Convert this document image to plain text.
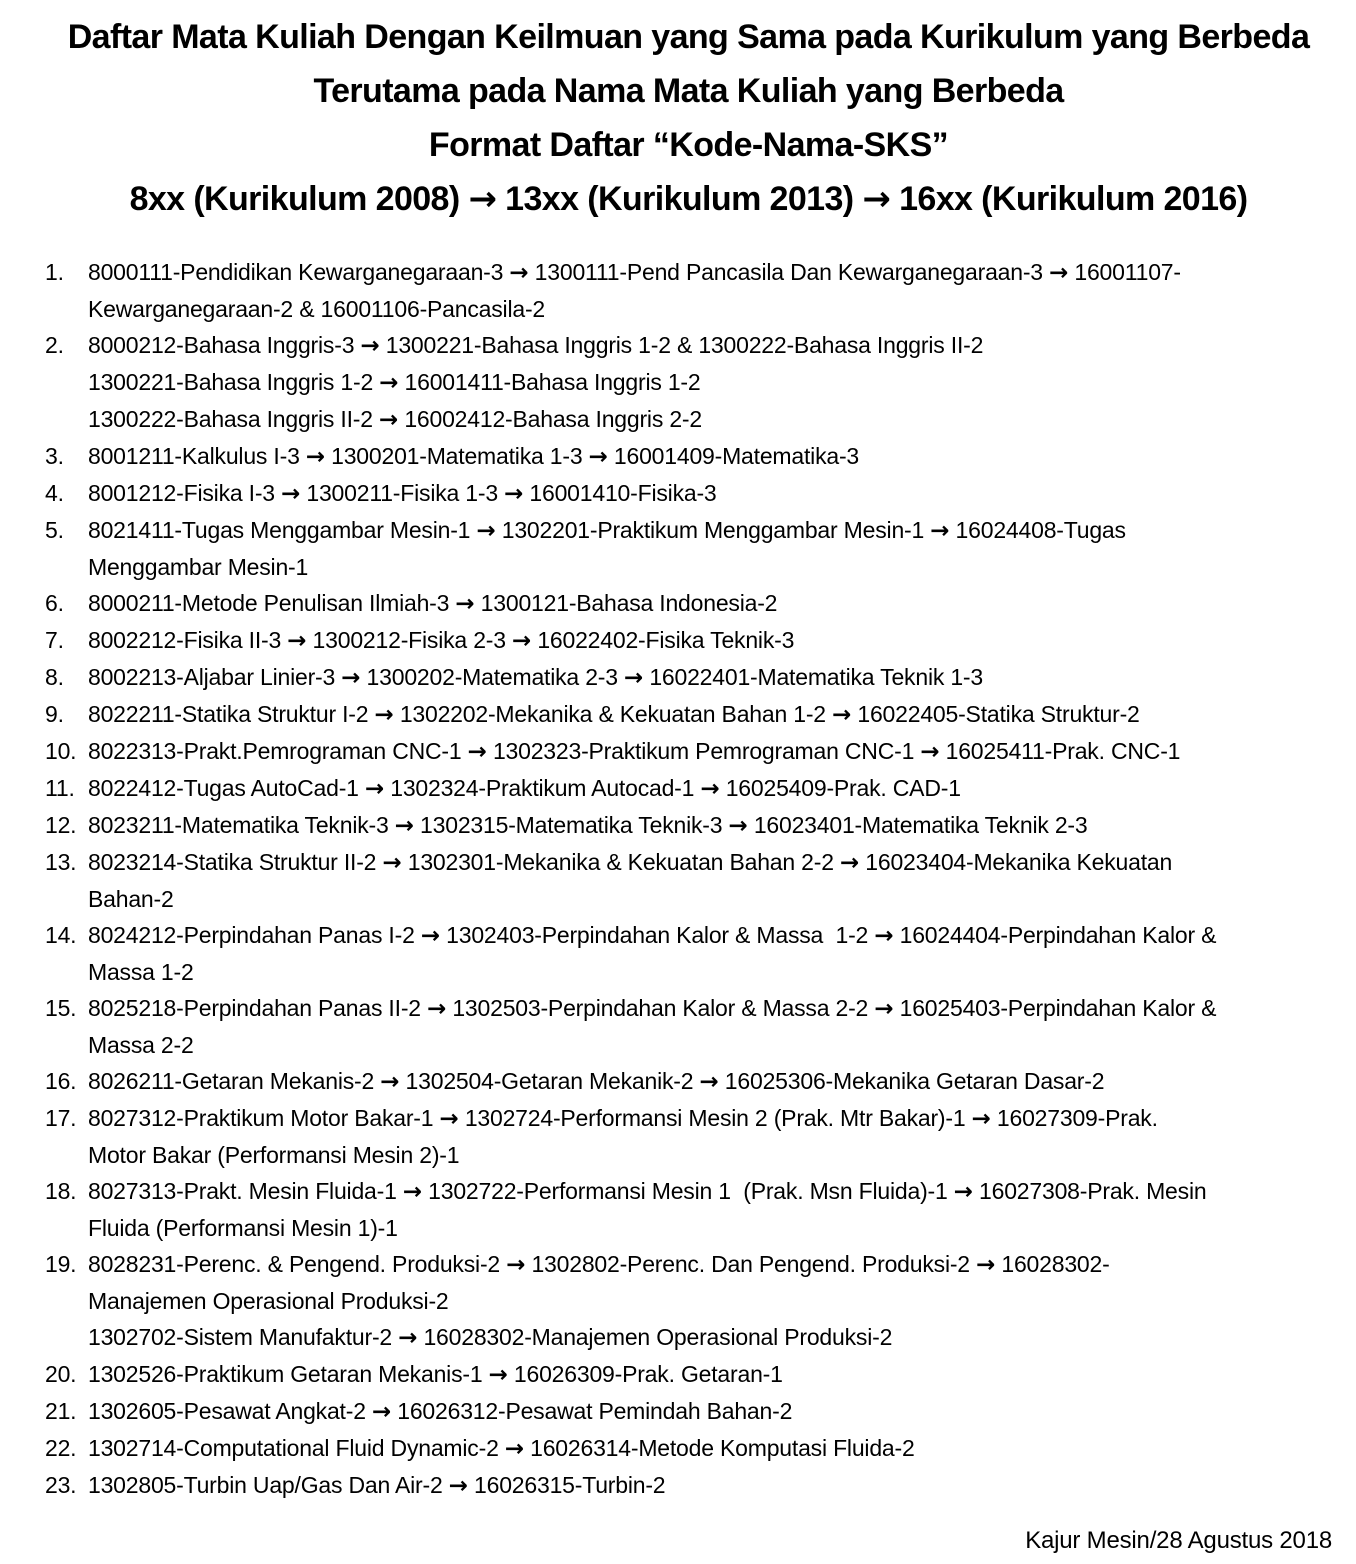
Daftar Mata Kuliah Dengan Keilmuan yang Sama pada Kurikulum yang Berbeda
Terutama pada Nama Mata Kuliah yang Berbeda
Format Daftar “Kode-Nama-SKS”
8xx (Kurikulum 2008) → 13xx (Kurikulum 2013) → 16xx (Kurikulum 2016)
1.	8000111-Pendidikan Kewarganegaraan-3 → 1300111-Pend Pancasila Dan Kewarganegaraan-3 → 16001107-
Kewarganegaraan-2 & 16001106-Pancasila-2
2.	8000212-Bahasa Inggris-3 → 1300221-Bahasa Inggris 1-2 & 1300222-Bahasa Inggris II-2
1300221-Bahasa Inggris 1-2 → 16001411-Bahasa Inggris 1-2
1300222-Bahasa Inggris II-2 → 16002412-Bahasa Inggris 2-2
3.	8001211-Kalkulus I-3 → 1300201-Matematika 1-3 → 16001409-Matematika-3
4.	8001212-Fisika I-3 → 1300211-Fisika 1-3 → 16001410-Fisika-3
5.	8021411-Tugas Menggambar Mesin-1 → 1302201-Praktikum Menggambar Mesin-1 → 16024408-Tugas
Menggambar Mesin-1
6.	8000211-Metode Penulisan Ilmiah-3 → 1300121-Bahasa Indonesia-2
7.	8002212-Fisika II-3 → 1300212-Fisika 2-3 → 16022402-Fisika Teknik-3
8.	8002213-Aljabar Linier-3 → 1300202-Matematika 2-3 → 16022401-Matematika Teknik 1-3
9.	8022211-Statika Struktur I-2 → 1302202-Mekanika & Kekuatan Bahan 1-2 → 16022405-Statika Struktur-2
10. 8022313-Prakt.Pemrograman CNC-1 → 1302323-Praktikum Pemrograman CNC-1 → 16025411-Prak. CNC-1
11. 8022412-Tugas AutoCad-1 → 1302324-Praktikum Autocad-1 → 16025409-Prak. CAD-1
12. 8023211-Matematika Teknik-3 → 1302315-Matematika Teknik-3 → 16023401-Matematika Teknik 2-3
13. 8023214-Statika Struktur II-2 → 1302301-Mekanika & Kekuatan Bahan 2-2 → 16023404-Mekanika Kekuatan
Bahan-2
14. 8024212-Perpindahan Panas I-2 → 1302403-Perpindahan Kalor & Massa  1-2 → 16024404-Perpindahan Kalor &
Massa 1-2
15. 8025218-Perpindahan Panas II-2 → 1302503-Perpindahan Kalor & Massa 2-2 → 16025403-Perpindahan Kalor &
Massa 2-2
16. 8026211-Getaran Mekanis-2 → 1302504-Getaran Mekanik-2 → 16025306-Mekanika Getaran Dasar-2
17. 8027312-Praktikum Motor Bakar-1 → 1302724-Performansi Mesin 2 (Prak. Mtr Bakar)-1 → 16027309-Prak.
Motor Bakar (Performansi Mesin 2)-1
18. 8027313-Prakt. Mesin Fluida-1 → 1302722-Performansi Mesin 1  (Prak. Msn Fluida)-1 → 16027308-Prak. Mesin
Fluida (Performansi Mesin 1)-1
19. 8028231-Perenc. & Pengend. Produksi-2 → 1302802-Perenc. Dan Pengend. Produksi-2 → 16028302-
Manajemen Operasional Produksi-2
1302702-Sistem Manufaktur-2 → 16028302-Manajemen Operasional Produksi-2
20. 1302526-Praktikum Getaran Mekanis-1 → 16026309-Prak. Getaran-1
21. 1302605-Pesawat Angkat-2 → 16026312-Pesawat Pemindah Bahan-2
22. 1302714-Computational Fluid Dynamic-2 → 16026314-Metode Komputasi Fluida-2
23. 1302805-Turbin Uap/Gas Dan Air-2 → 16026315-Turbin-2
Kajur Mesin/28 Agustus 2018
